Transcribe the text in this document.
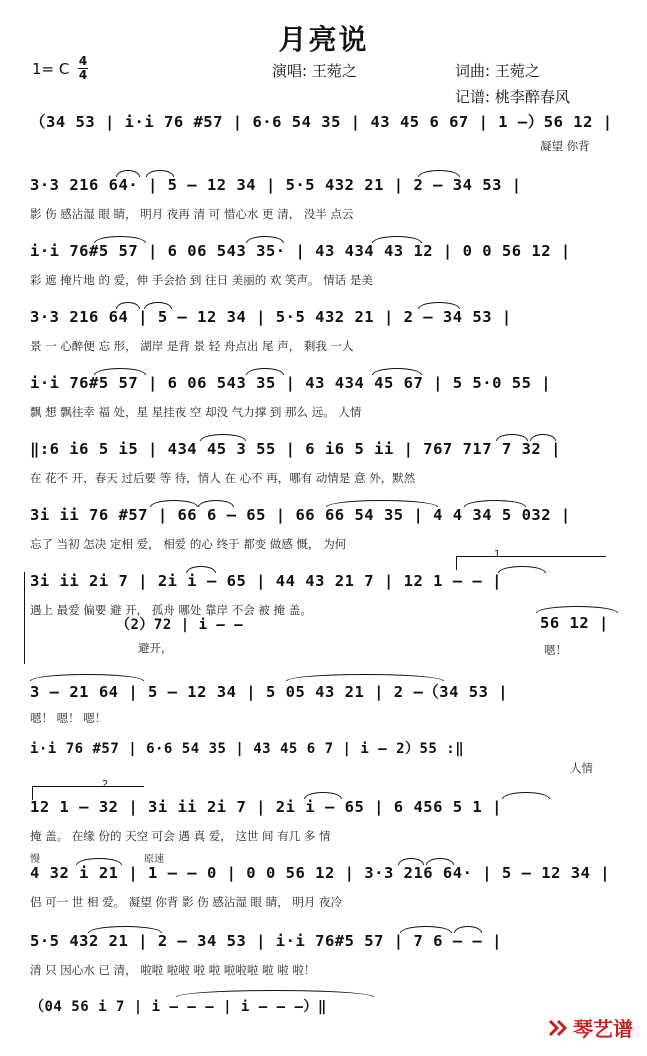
月亮说
1= C 4
4	演唱: 王菀之	词曲: 王菀之
记谱: 桃李醉春风
（34 53 | i·i 76 #57 | 6·6 54 35 | 43 45 6 67 | 1 –）56 12 |
凝望 你背
3·3 216 64· | 5 – 12 34 | 5·5 432 21 | 2 – 34 53 |
影 伤 感沾湿 眼 睛， 明月 夜再 清 可 惜心水 更 清， 没半 点云
i·i 76#5 57 | 6 06 543 35· | 43 434 43 12 | 0 0 56 12 |
彩 遮 掩片地 的 爱，伸 手会拾 到 往日 美丽的 欢 笑声。 情话 是美
3·3 216 64 | 5 – 12 34 | 5·5 432 21 | 2 – 34 53 |
景 一 心醉便 忘 形， 湖岸 是背 景 轻 舟点出 尾 声， 剩我 一人
i·i 76#5 57 | 6 06 543 35 | 43 434 45 67 | 5 5·0 55 |
飘 想 飘往幸 福 处，星 星挂夜 空 却没 气力撑 到 那么 远。 人情
‖:6 i6 5 i5 | 434 45 3 55 | 6 i6 5 ii | 767 717 7 32 |
在 花不 开，春天 过后要 等 待，情人 在 心不 再，哪有 动情是 意 外，默然
3i ii 76 #57 | 66 6 – 65 | 66 66 54 35 | 4 4 34 5 032 |
忘了 当初 怎决 定相 爱， 相爱 的心 终于 都变 做感 慨， 为何
1
3i ii 2i 7 | 2i i – 65 | 44 43 21 7 | 12 1 – – |
遇上 最爱 偏要 避 开， 孤舟 哪处 靠岸 不会 被 掩 盖。
（2）72 | i – –
避开，
56 12 |
嗯！
3 – 21 64 | 5 – 12 34 | 5 05 43 21 | 2 –（34 53 |
嗯！ 嗯！ 嗯！
i·i 76 #57 | 6·6 54 35 | 43 45 6 7 | i – 2）55 :‖
人情
2
12 1 – 32 | 3i ii 2i 7 | 2i i – 65 | 6 456 5 1 |
掩 盖。 在缘 份的 天空 可会 遇 真 爱， 这世 间 有几 多 情
慢	原速
4 32 i 21 | 1 – – 0 | 0 0 56 12 | 3·3 216 64· | 5 – 12 34 |
侣 可一 世 相 爱。 凝望 你背 影 伤 感沾湿 眼 睛， 明月 夜冷
5·5 432 21 | 2 – 34 53 | i·i 76#5 57 | 7 6 – – |
清 只 因心水 已 清， 啦啦 啦啦 啦 啦 啦啦啦 啦 啦 啦！
（04 56 i 7 | i – – – | i – – –）‖
琴艺谱
